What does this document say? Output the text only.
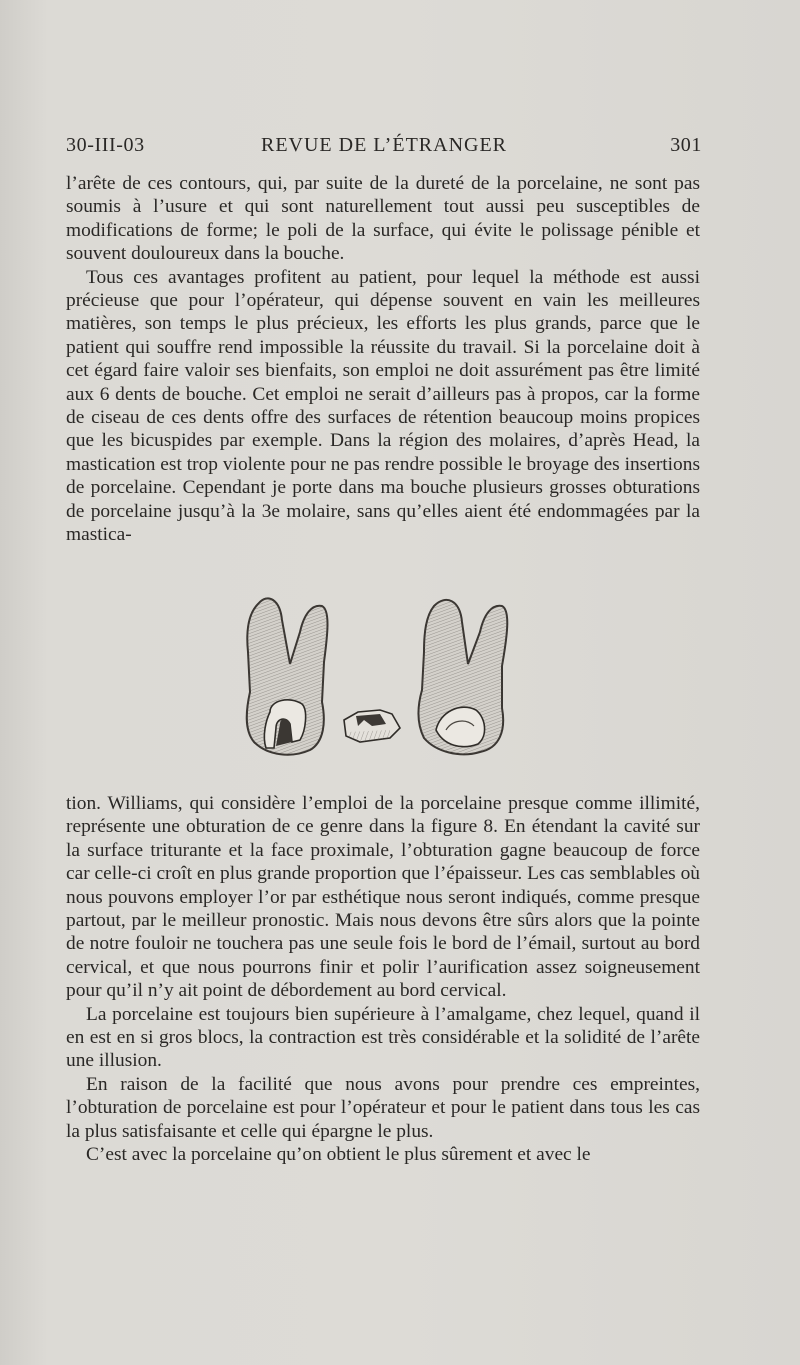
30-III-03	REVUE DE L’ÉTRANGER	301

l’arête de ces contours, qui, par suite de la dureté de la porcelaine, ne sont pas soumis à l’usure et qui sont naturellement tout aussi peu susceptibles de modifications de forme; le poli de la surface, qui évite le polissage pénible et souvent douloureux dans la bouche.

Tous ces avantages profitent au patient, pour lequel la méthode est aussi précieuse que pour l’opérateur, qui dépense souvent en vain les meilleures matières, son temps le plus précieux, les efforts les plus grands, parce que le patient qui souffre rend impossible la réussite du travail. Si la porcelaine doit à cet égard faire valoir ses bienfaits, son emploi ne doit assurément pas être limité aux 6 dents de bouche. Cet emploi ne serait d’ailleurs pas à propos, car la forme de ciseau de ces dents offre des surfaces de rétention beaucoup moins propices que les bicuspides par exemple. Dans la région des molaires, d’après Head, la mastication est trop violente pour ne pas rendre possible le broyage des insertions de porcelaine. Cependant je porte dans ma bouche plusieurs grosses obturations de porcelaine jusqu’à la 3e molaire, sans qu’elles aient été endommagées par la mastica-

tion. Williams, qui considère l’emploi de la porcelaine presque comme illimité, représente une obturation de ce genre dans la figure 8. En étendant la cavité sur la surface triturante et la face proximale, l’obturation gagne beaucoup de force car celle-ci croît en plus grande proportion que l’épaisseur. Les cas semblables où nous pouvons employer l’or par esthétique nous seront indiqués, comme presque partout, par le meilleur pronostic. Mais nous devons être sûrs alors que la pointe de notre fouloir ne touchera pas une seule fois le bord de l’émail, surtout au bord cervical, et que nous pourrons finir et polir l’aurification assez soigneusement pour qu’il n’y ait point de débordement au bord cervical.

La porcelaine est toujours bien supérieure à l’amalgame, chez lequel, quand il en est en si gros blocs, la contraction est très considérable et la solidité de l’arête une illusion.

En raison de la facilité que nous avons pour prendre ces empreintes, l’obturation de porcelaine est pour l’opérateur et pour le patient dans tous les cas la plus satisfaisante et celle qui épargne le plus.

C’est avec la porcelaine qu’on obtient le plus sûrement et avec le
